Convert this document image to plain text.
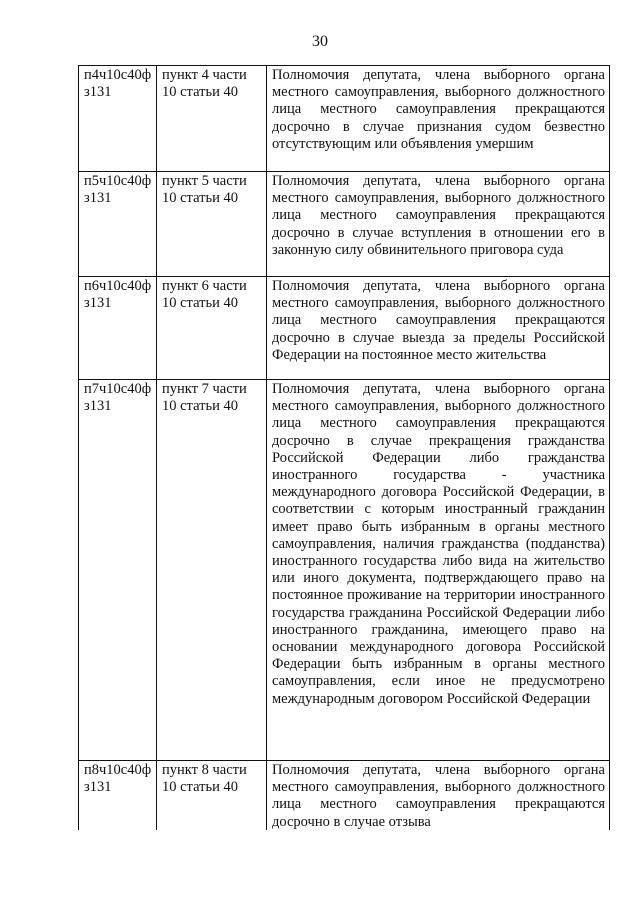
30
п4ч10с40фз131	пункт 4 части 10 статьи 40	Полномочия депутата, члена выборного органа местного самоуправления, выборного должностного лица местного самоуправления прекращаются досрочно в случае признания судом безвестно отсутствующим или объявления умершим
п5ч10с40фз131	пункт 5 части 10 статьи 40	Полномочия депутата, члена выборного органа местного самоуправления, выборного должностного лица местного самоуправления прекращаются досрочно в случае вступления в отношении его в законную силу обвинительного приговора суда
п6ч10с40фз131	пункт 6 части 10 статьи 40	Полномочия депутата, члена выборного органа местного самоуправления, выборного должностного лица местного самоуправления прекращаются досрочно в случае выезда за пределы Российской Федерации на постоянное место жительства
п7ч10с40фз131	пункт 7 части 10 статьи 40	Полномочия депутата, члена выборного органа местного самоуправления, выборного должностного лица местного самоуправления прекращаются досрочно в случае прекращения гражданства Российской Федерации либо гражданства иностранного государства - участника международного договора Российской Федерации, в соответствии с которым иностранный гражданин имеет право быть избранным в органы местного самоуправления, наличия гражданства (подданства) иностранного государства либо вида на жительство или иного документа, подтверждающего право на постоянное проживание на территории иностранного государства гражданина Российской Федерации либо иностранного гражданина, имеющего право на основании международного договора Российской Федерации быть избранным в органы местного самоуправления, если иное не предусмотрено международным договором Российской Федерации
п8ч10с40фз131	пункт 8 части 10 статьи 40	Полномочия депутата, члена выборного органа местного самоуправления, выборного должностного лица местного самоуправления прекращаются досрочно в случае отзыва
